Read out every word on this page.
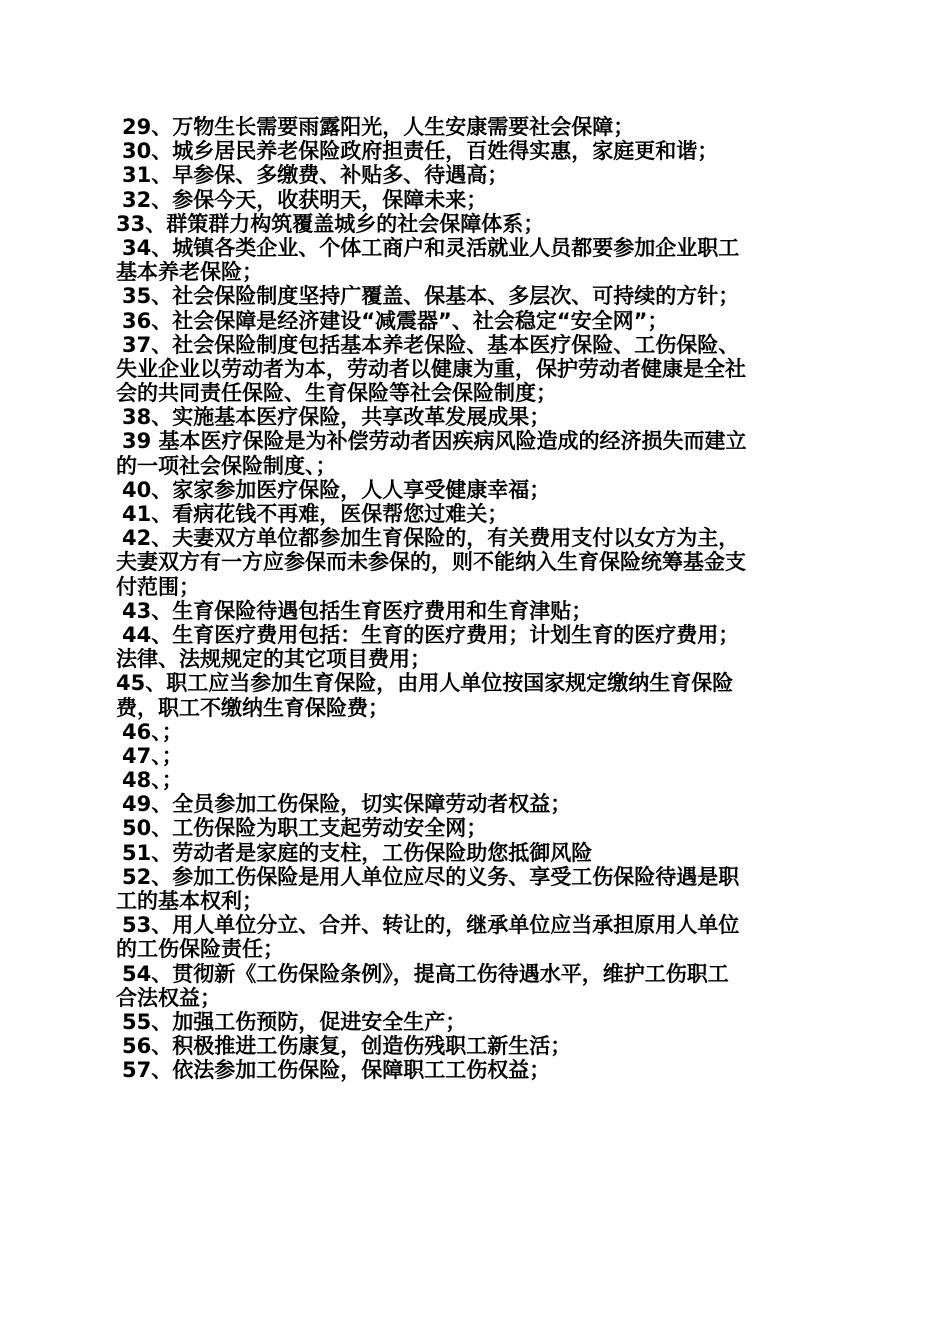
29、万物生长需要雨露阳光，人生安康需要社会保障；
30、城乡居民养老保险政府担责任，百姓得实惠，家庭更和谐；
31、早参保、多缴费、补贴多、待遇高；
32、参保今天，收获明天，保障未来；
33、群策群力构筑覆盖城乡的社会保障体系；
34、城镇各类企业、个体工商户和灵活就业人员都要参加企业职工
基本养老保险；
35、社会保险制度坚持广覆盖、保基本、多层次、可持续的方针；
36、社会保障是经济建设“减震器”、社会稳定“安全网”；
37、社会保险制度包括基本养老保险、基本医疗保险、工伤保险、
失业企业以劳动者为本，劳动者以健康为重，保护劳动者健康是全社
会的共同责任保险、生育保险等社会保险制度；
38、实施基本医疗保险，共享改革发展成果；
39 基本医疗保险是为补偿劳动者因疾病风险造成的经济损失而建立
的一项社会保险制度、；
40、家家参加医疗保险，人人享受健康幸福；
41、看病花钱不再难，医保帮您过难关；
42、夫妻双方单位都参加生育保险的，有关费用支付以女方为主，
夫妻双方有一方应参保而未参保的，则不能纳入生育保险统筹基金支
付范围；
43、生育保险待遇包括生育医疗费用和生育津贴；
44、生育医疗费用包括：生育的医疗费用；计划生育的医疗费用；
法律、法规规定的其它项目费用；
45、职工应当参加生育保险，由用人单位按国家规定缴纳生育保险
费，职工不缴纳生育保险费；
46、；
47、；
48、；
49、全员参加工伤保险，切实保障劳动者权益；
50、工伤保险为职工支起劳动安全网；
51、劳动者是家庭的支柱，工伤保险助您抵御风险
52、参加工伤保险是用人单位应尽的义务、享受工伤保险待遇是职
工的基本权利；
53、用人单位分立、合并、转让的，继承单位应当承担原用人单位
的工伤保险责任；
54、贯彻新《工伤保险条例》，提高工伤待遇水平，维护工伤职工
合法权益；
55、加强工伤预防，促进安全生产；
56、积极推进工伤康复，创造伤残职工新生活；
57、依法参加工伤保险，保障职工工伤权益；
